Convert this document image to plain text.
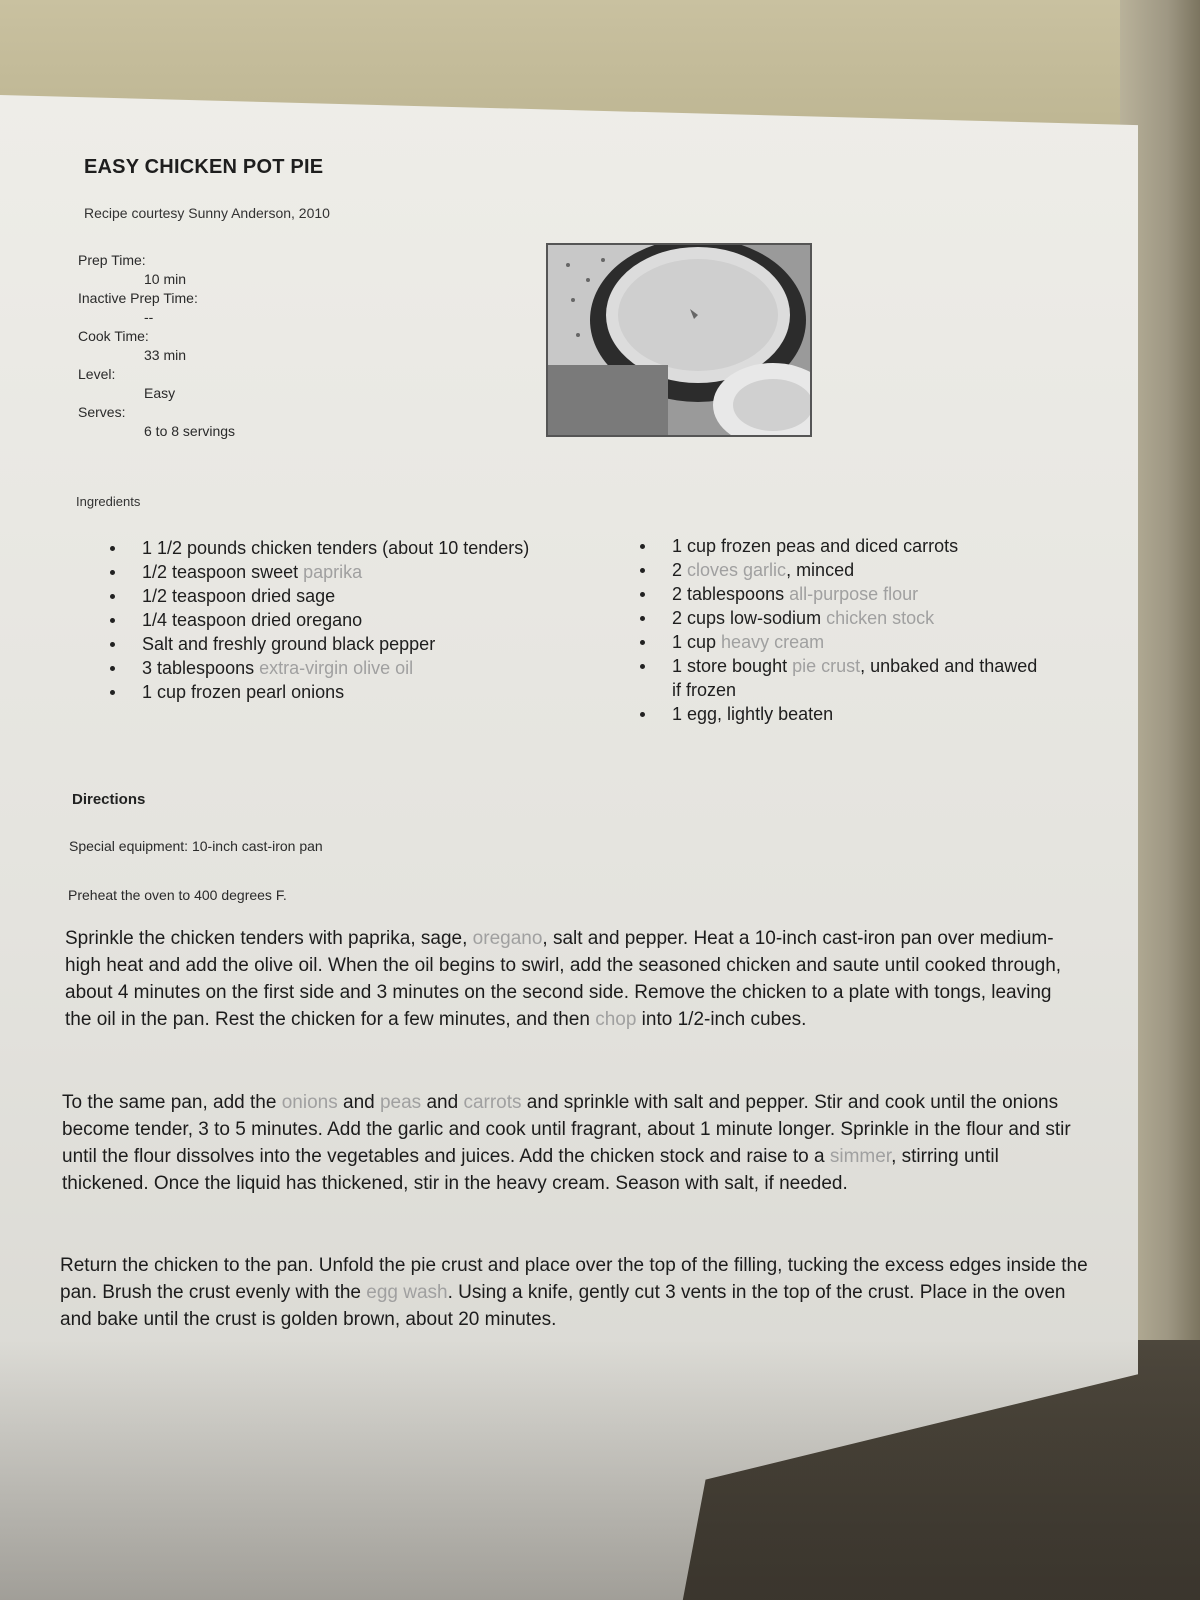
EASY CHICKEN POT PIE
Recipe courtesy Sunny Anderson, 2010
Prep Time:
10 min
Inactive Prep Time:
--
Cook Time:
33 min
Level:
Easy
Serves:
6 to 8 servings
Ingredients
1 1/2 pounds chicken tenders (about 10 tenders)
1/2 teaspoon sweet paprika
1/2 teaspoon dried sage
1/4 teaspoon dried oregano
Salt and freshly ground black pepper
3 tablespoons extra-virgin olive oil
1 cup frozen pearl onions
1 cup frozen peas and diced carrots
2 cloves garlic, minced
2 tablespoons all-purpose flour
2 cups low-sodium chicken stock
1 cup heavy cream
1 store bought pie crust, unbaked and thawed if frozen
1 egg, lightly beaten
Directions
Special equipment: 10-inch cast-iron pan
Preheat the oven to 400 degrees F.
Sprinkle the chicken tenders with paprika, sage, oregano, salt and pepper. Heat a 10-inch cast-iron pan over medium-high heat and add the olive oil. When the oil begins to swirl, add the seasoned chicken and saute until cooked through, about 4 minutes on the first side and 3 minutes on the second side. Remove the chicken to a plate with tongs, leaving the oil in the pan. Rest the chicken for a few minutes, and then chop into 1/2-inch cubes.
To the same pan, add the onions and peas and carrots and sprinkle with salt and pepper. Stir and cook until the onions become tender, 3 to 5 minutes. Add the garlic and cook until fragrant, about 1 minute longer. Sprinkle in the flour and stir until the flour dissolves into the vegetables and juices. Add the chicken stock and raise to a simmer, stirring until thickened. Once the liquid has thickened, stir in the heavy cream. Season with salt, if needed.
Return the chicken to the pan. Unfold the pie crust and place over the top of the filling, tucking the excess edges inside the pan. Brush the crust evenly with the egg wash. Using a knife, gently cut 3 vents in the top of the crust. Place in the oven and bake until the crust is golden brown, about 20 minutes.
